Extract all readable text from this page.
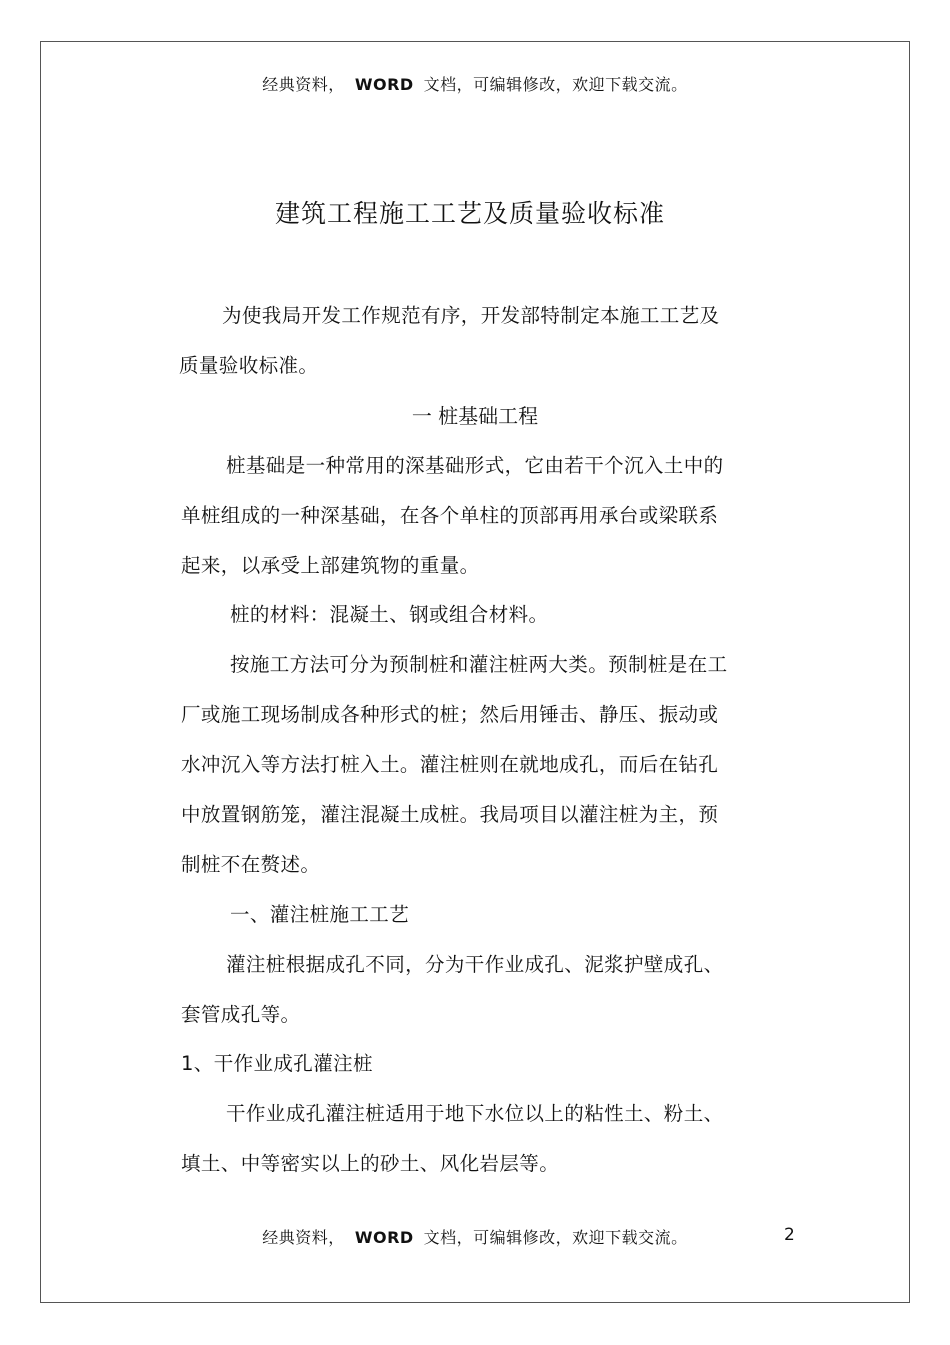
经典资料， WORD 文档，可编辑修改，欢迎下载交流。
建筑工程施工工艺及质量验收标准
为使我局开发工作规范有序，开发部特制定本施工工艺及
质量验收标准。
一 桩基础工程
桩基础是一种常用的深基础形式，它由若干个沉入土中的
单桩组成的一种深基础，在各个单柱的顶部再用承台或梁联系
起来，以承受上部建筑物的重量。
桩的材料：混凝土、钢或组合材料。
按施工方法可分为预制桩和灌注桩两大类。预制桩是在工
厂或施工现场制成各种形式的桩；然后用锤击、静压、振动或
水冲沉入等方法打桩入土。灌注桩则在就地成孔，而后在钻孔
中放置钢筋笼，灌注混凝土成桩。我局项目以灌注桩为主，预
制桩不在赘述。
一、灌注桩施工工艺
灌注桩根据成孔不同，分为干作业成孔、泥浆护壁成孔、
套管成孔等。
1、干作业成孔灌注桩
干作业成孔灌注桩适用于地下水位以上的粘性土、粉土、
填土、中等密实以上的砂土、风化岩层等。
经典资料， WORD 文档，可编辑修改，欢迎下载交流。	2
